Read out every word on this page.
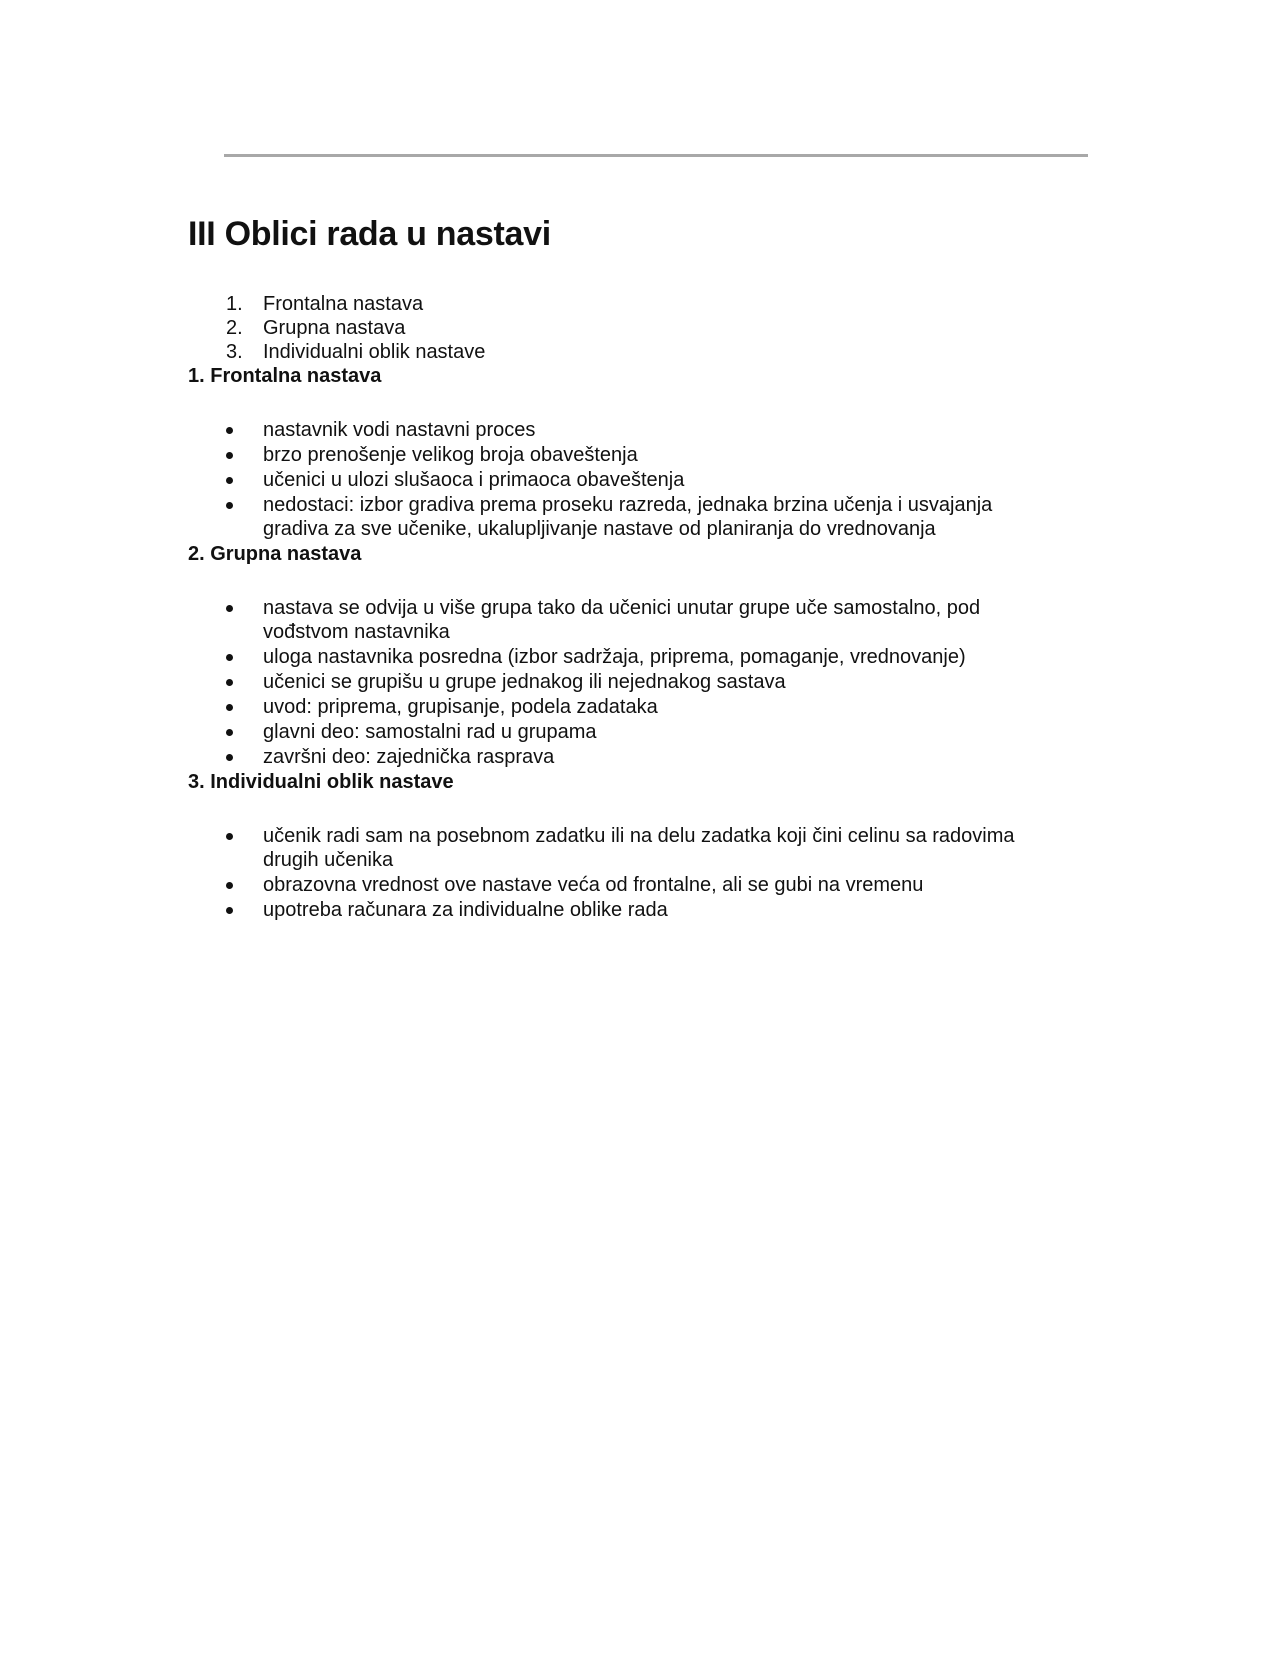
III Oblici rada u nastavi
1. Frontalna nastava
2. Grupna nastava
3. Individualni oblik nastave
1. Frontalna nastava
nastavnik vodi nastavni proces
brzo prenošenje velikog broja obaveštenja
učenici u ulozi slušaoca i primaoca obaveštenja
nedostaci: izbor gradiva prema proseku razreda, jednaka brzina učenja i usvajanja gradiva za sve učenike, ukalupljivanje nastave od planiranja do vrednovanja
2. Grupna nastava
nastava se odvija u više grupa tako da učenici unutar grupe uče samostalno, pod vođstvom nastavnika
uloga nastavnika posredna (izbor sadržaja, priprema, pomaganje, vrednovanje)
učenici se grupišu u grupe jednakog ili nejednakog sastava
uvod: priprema, grupisanje, podela zadataka
glavni deo: samostalni rad u grupama
završni deo: zajednička rasprava
3. Individualni oblik nastave
učenik radi sam na posebnom zadatku ili na delu zadatka koji čini celinu sa radovima drugih učenika
obrazovna vrednost ove nastave veća od frontalne, ali se gubi na vremenu
upotreba računara za individualne oblike rada
